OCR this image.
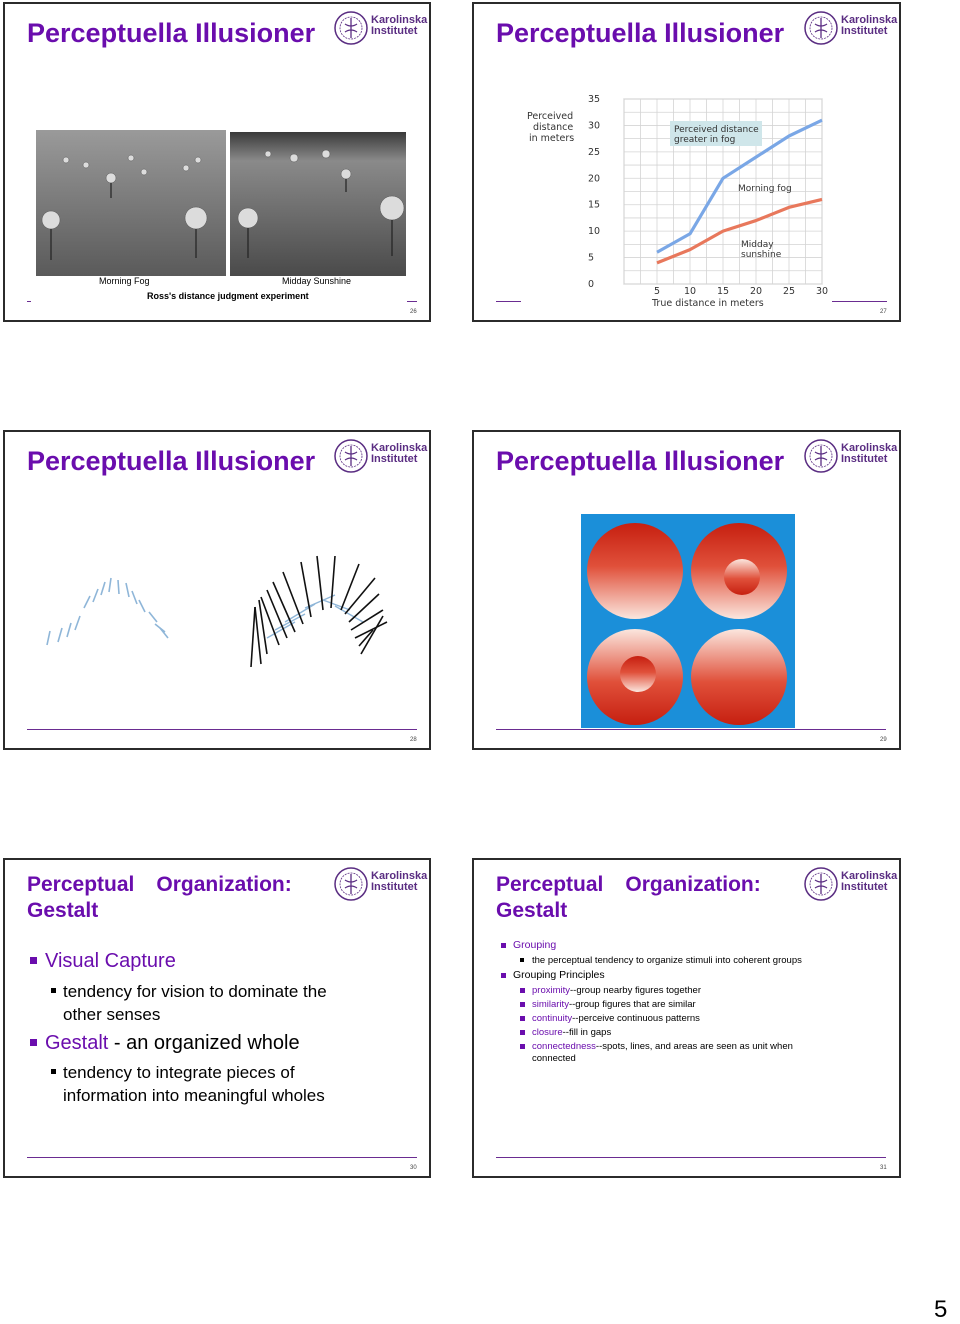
Perceptuella Illusioner	Karolinska
Institutet
Morning Fog	Midday Sunshine
Ross's distance judgment experiment
26
Perceptuella Illusioner	Karolinska
Institutet
0
5
10
15
20
25
30
35
5	10 15 20 25 30
Perceived distance
greater in fog
Perceived
distance
in meters
True distance in meters
Morning fog
Midday
sunshine
27
Perceptuella Illusioner	Karolinska
Institutet
28
Perceptuella Illusioner	Karolinska
Institutet
29
Perceptual Organization:
Gestalt
Karolinska
Institutet
Visual Capture
tendency for vision to dominate the
other senses
Gestalt - an organized whole
tendency to integrate pieces of
information into meaningful wholes
30
Perceptual Organization:
Gestalt
Karolinska
Institutet
Grouping
the perceptual tendency to organize stimuli into coherent groups
Grouping Principles
proximity--group nearby figures together
similarity--group figures that are similar
continuity--perceive continuous patterns
closure--fill in gaps
connectedness--spots, lines, and areas are seen as unit when
connected
31
5
